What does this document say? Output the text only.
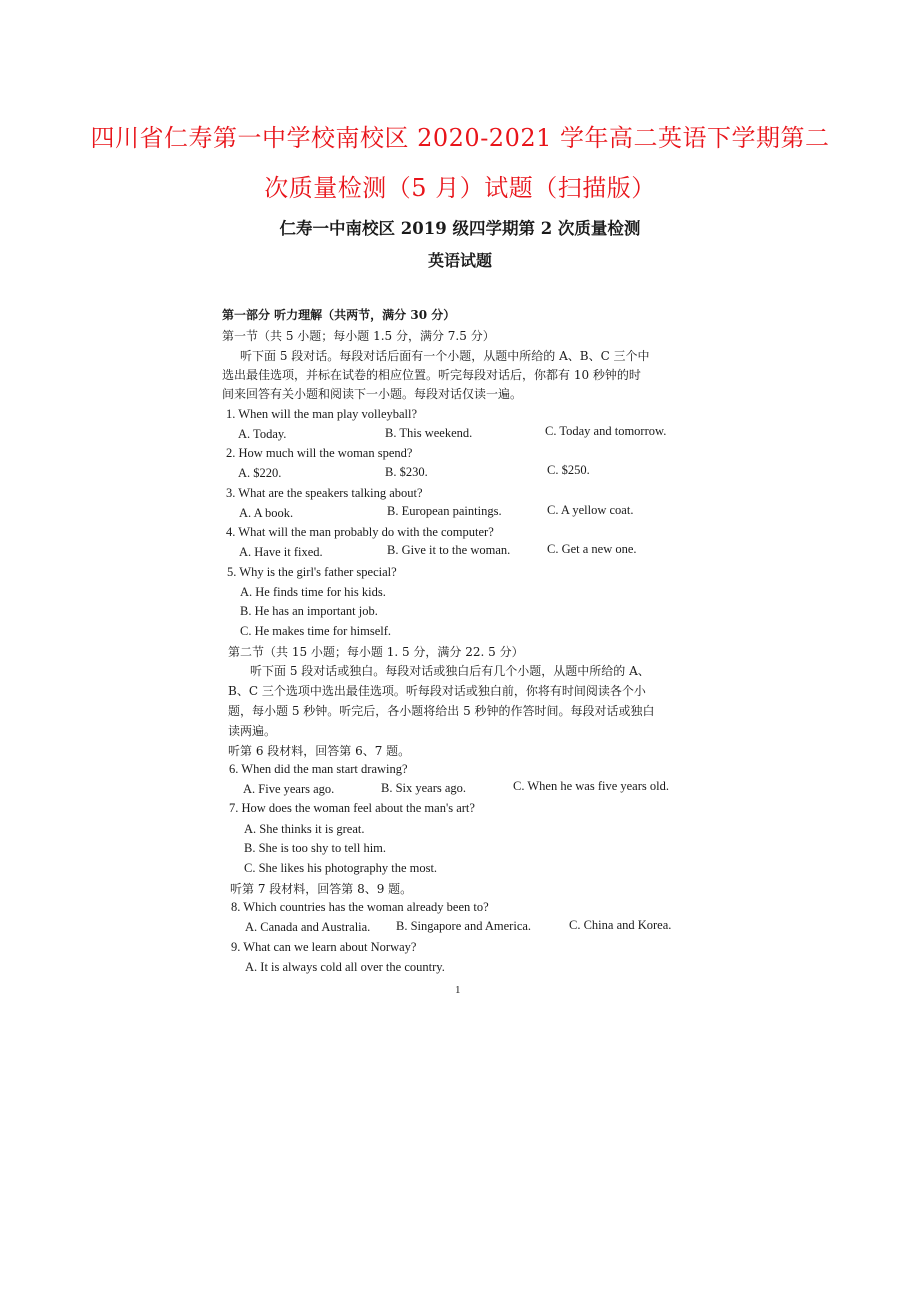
四川省仁寿第一中学校南校区 2020-2021 学年高二英语下学期第二
次质量检测（5 月）试题（扫描版）
仁寿一中南校区 2019 级四学期第 2 次质量检测
英语试题
第一部分 听力理解（共两节，满分 30 分）
第一节（共 5 小题；每小题 1.5 分，满分 7.5 分）
听下面 5 段对话。每段对话后面有一个小题，从题中所给的 A、B、C 三个中
选出最佳选项，并标在试卷的相应位置。听完每段对话后，你都有 10 秒钟的时
间来回答有关小题和阅读下一小题。每段对话仅读一遍。
1. When will the man play volleyball?
A. Today.	B. This weekend.	C. Today and tomorrow.
2. How much will the woman spend?
A. $220.	B. $230.	C. $250.
3. What are the speakers talking about?
A. A book.	B. European paintings.	C. A yellow coat.
4. What will the man probably do with the computer?
A. Have it fixed.	B. Give it to the woman.	C. Get a new one.
5. Why is the girl's father special?
A. He finds time for his kids.
B. He has an important job.
C. He makes time for himself.
第二节（共 15 小题；每小题 1. 5 分，满分 22. 5 分）
听下面 5 段对话或独白。每段对话或独白后有几个小题，从题中所给的 A、
B、C 三个选项中选出最佳选项。听每段对话或独白前，你将有时间阅读各个小
题，每小题 5 秒钟。听完后，各小题将给出 5 秒钟的作答时间。每段对话或独白
读两遍。
听第 6 段材料，回答第 6、7 题。
6. When did the man start drawing?
A. Five years ago.	B. Six years ago.	C. When he was five years old.
7. How does the woman feel about the man's art?
A. She thinks it is great.
B. She is too shy to tell him.
C. She likes his photography the most.
听第 7 段材料，回答第 8、9 题。
8. Which countries has the woman already been to?
A. Canada and Australia. B. Singapore and America.	C. China and Korea.
9. What can we learn about Norway?
A. It is always cold all over the country.
1
